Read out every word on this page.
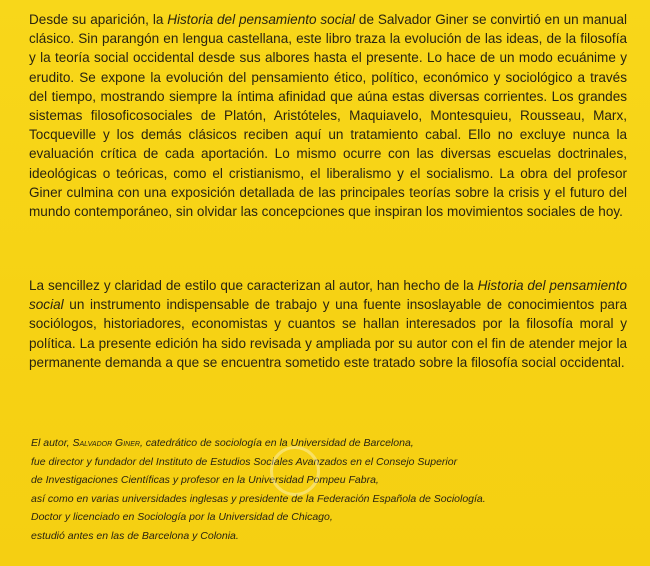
Desde su aparición, la Historia del pensamiento social de Salvador Giner se convirtió en un manual clásico. Sin parangón en lengua castellana, este libro traza la evolución de las ideas, de la filosofía y la teoría social occidental desde sus albores hasta el presente. Lo hace de un modo ecuánime y erudito. Se expone la evolución del pensamiento ético, político, económico y sociológico a través del tiempo, mostrando siempre la íntima afinidad que aúna estas diversas corrientes. Los grandes sistemas filosoficosociales de Platón, Aristóteles, Maquiavelo, Montesquieu, Rousseau, Marx, Tocqueville y los demás clásicos reciben aquí un tratamiento cabal. Ello no excluye nunca la evaluación crítica de cada aportación. Lo mismo ocurre con las diversas escuelas doctrinales, ideológicas o teóricas, como el cristianismo, el liberalismo y el socialismo. La obra del profesor Giner culmina con una exposición detallada de las principales teorías sobre la crisis y el futuro del mundo contemporáneo, sin olvidar las concepciones que inspiran los movimientos sociales de hoy.

La sencillez y claridad de estilo que caracterizan al autor, han hecho de la Historia del pensamiento social un instrumento indispensable de trabajo y una fuente insoslayable de conocimientos para sociólogos, historiadores, economistas y cuantos se hallan interesados por la filosofía moral y política. La presente edición ha sido revisada y ampliada por su autor con el fin de atender mejor la permanente demanda a que se encuentra sometido este tratado sobre la filosofía social occidental.

El autor, Salvador Giner, catedrático de sociología en la Universidad de Barcelona,
fue director y fundador del Instituto de Estudios Sociales Avanzados en el Consejo Superior
de Investigaciones Científicas y profesor en la Universidad Pompeu Fabra,
así como en varias universidades inglesas y presidente de la Federación Española de Sociología.
Doctor y licenciado en Sociología por la Universidad de Chicago,
estudió antes en las de Barcelona y Colonia.
